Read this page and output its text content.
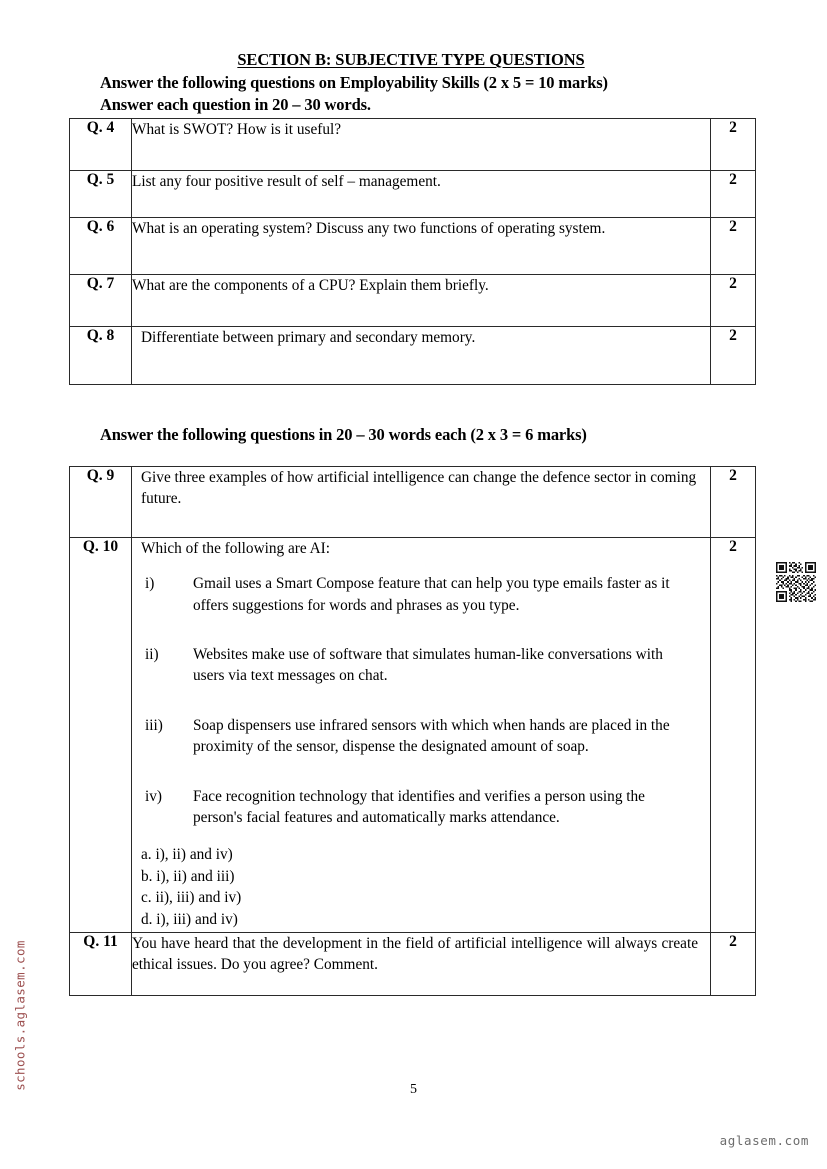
SECTION B: SUBJECTIVE TYPE QUESTIONS
Answer the following questions on Employability Skills (2 x 5 = 10 marks)
Answer each question in 20 – 30 words.
Q. 4	What is SWOT? How is it useful?	2
Q. 5	List any four positive result of self – management.	2
Q. 6	What is an operating system? Discuss any two functions of operating system.	2
Q. 7	What are the components of a CPU? Explain them briefly.	2
Q. 8	Differentiate between primary and secondary memory.	2
Answer the following questions in 20 – 30 words each (2 x 3 = 6 marks)
Q. 9	Give three examples of how artificial intelligence can change the defence sector in coming future.	2
Q. 10	Which of the following are AI:

i)	Gmail uses a Smart Compose feature that can help you type emails faster as it offers suggestions for words and phrases as you type.
ii)	Websites make use of software that simulates human-like conversations with users via text messages on chat.
iii)	Soap dispensers use infrared sensors with which when hands are placed in the proximity of the sensor, dispense the designated amount of soap.
iv)	Face recognition technology that identifies and verifies a person using the
person's facial features and automatically marks attendance.
a. i), ii) and iv)
b. i), ii) and iii)
c. ii), iii) and iv)
d. i), iii) and iv)
	2
Q. 11	You have heard that the development in the field of artificial intelligence will always create ethical issues. Do you agree? Comment.	2
5
aglasem.com
schools.aglasem.com
